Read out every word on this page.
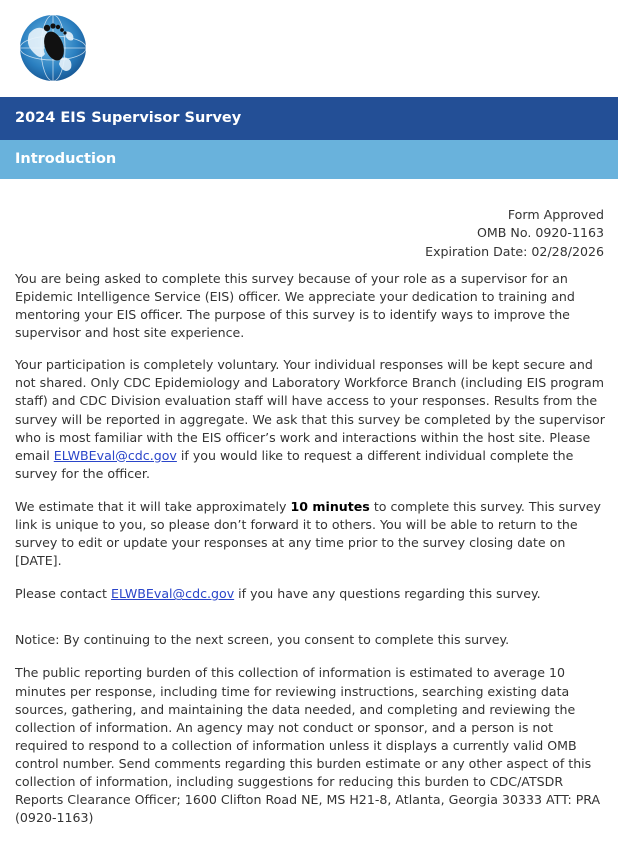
2024 EIS Supervisor Survey
Introduction
Form Approved
OMB No. 0920-1163
Expiration Date: 02/28/2026

You are being asked to complete this survey because of your role as a supervisor for an Epidemic Intelligence Service (EIS) officer. We appreciate your dedication to training and mentoring your EIS officer. The purpose of this survey is to identify ways to improve the supervisor and host site experience.

Your participation is completely voluntary. Your individual responses will be kept secure and not shared. Only CDC Epidemiology and Laboratory Workforce Branch (including EIS program staff) and CDC Division evaluation staff will have access to your responses. Results from the survey will be reported in aggregate. We ask that this survey be completed by the supervisor who is most familiar with the EIS officer’s work and interactions within the host site. Please email ELWBEval@cdc.gov if you would like to request a different individual complete the survey for the officer.

We estimate that it will take approximately 10 minutes to complete this survey. This survey link is unique to you, so please don’t forward it to others. You will be able to return to the survey to edit or update your responses at any time prior to the survey closing date on [DATE].

Please contact ELWBEval@cdc.gov if you have any questions regarding this survey.

Notice: By continuing to the next screen, you consent to complete this survey.

The public reporting burden of this collection of information is estimated to average 10 minutes per response, including time for reviewing instructions, searching existing data sources, gathering, and maintaining the data needed, and completing and reviewing the collection of information. An agency may not conduct or sponsor, and a person is not required to respond to a collection of information unless it displays a currently valid OMB control number. Send comments regarding this burden estimate or any other aspect of this collection of information, including suggestions for reducing this burden to CDC/ATSDR Reports Clearance Officer; 1600 Clifton Road NE, MS H21-8, Atlanta, Georgia 30333 ATT: PRA (0920-1163)
